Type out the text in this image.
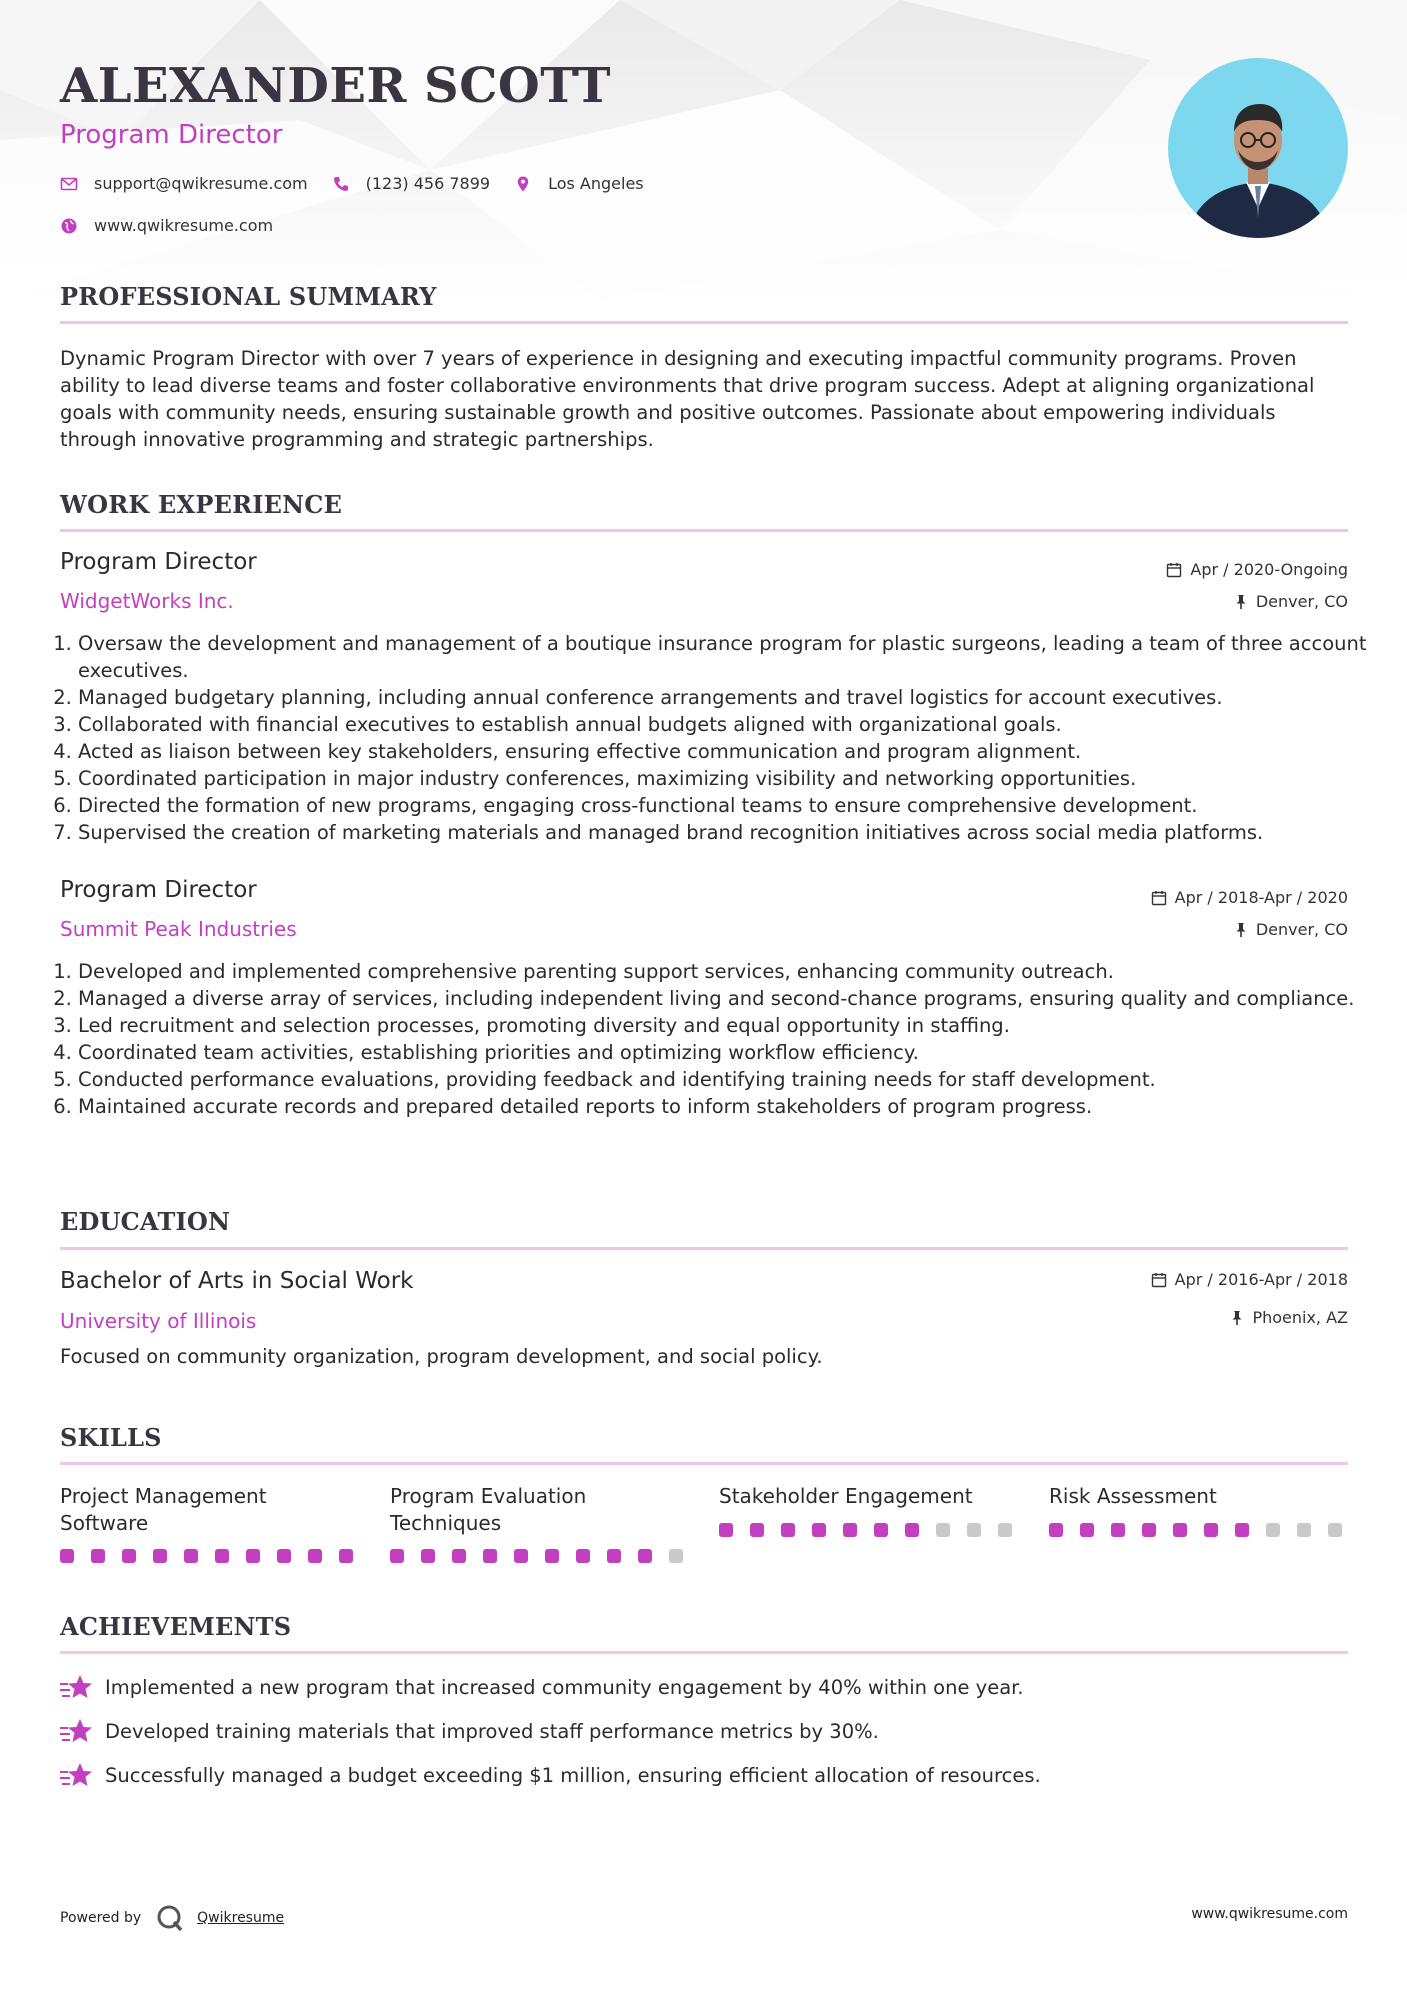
ALEXANDER SCOTT
Program Director
support@qwikresume.com	(123) 456 7899	Los Angeles
www.qwikresume.com
PROFESSIONAL SUMMARY

Dynamic Program Director with over 7 years of experience in designing and executing impactful community programs. Proven ability to lead diverse teams and foster collaborative environments that drive program success. Adept at aligning organizational goals with community needs, ensuring sustainable growth and positive outcomes. Passionate about empowering individuals through innovative programming and strategic partnerships.

WORK EXPERIENCE
Program Director	Apr / 2020-Ongoing
WidgetWorks Inc.	Denver, CO
1. Oversaw the development and management of a boutique insurance program for plastic surgeons, leading a team of three account executives.
2. Managed budgetary planning, including annual conference arrangements and travel logistics for account executives.
3. Collaborated with financial executives to establish annual budgets aligned with organizational goals.
4. Acted as liaison between key stakeholders, ensuring effective communication and program alignment.
5. Coordinated participation in major industry conferences, maximizing visibility and networking opportunities.
6. Directed the formation of new programs, engaging cross-functional teams to ensure comprehensive development.
7. Supervised the creation of marketing materials and managed brand recognition initiatives across social media platforms.
Program Director	Apr / 2018-Apr / 2020
Summit Peak Industries	Denver, CO
1. Developed and implemented comprehensive parenting support services, enhancing community outreach.
2. Managed a diverse array of services, including independent living and second-chance programs, ensuring quality and compliance.
3. Led recruitment and selection processes, promoting diversity and equal opportunity in staffing.
4. Coordinated team activities, establishing priorities and optimizing workflow efficiency.
5. Conducted performance evaluations, providing feedback and identifying training needs for staff development.
6. Maintained accurate records and prepared detailed reports to inform stakeholders of program progress.
EDUCATION
Bachelor of Arts in Social Work	Apr / 2016-Apr / 2018
University of Illinois	Phoenix, AZ

Focused on community organization, program development, and social policy.

SKILLS
Project Management
Software
Program Evaluation
Techniques
Stakeholder Engagement	Risk Assessment
ACHIEVEMENTS
Implemented a new program that increased community engagement by 40% within one year.
Developed training materials that improved staff performance metrics by 30%.
Successfully managed a budget exceeding $1 million, ensuring efficient allocation of resources.
Powered by	Qwikresume	www.qwikresume.com
